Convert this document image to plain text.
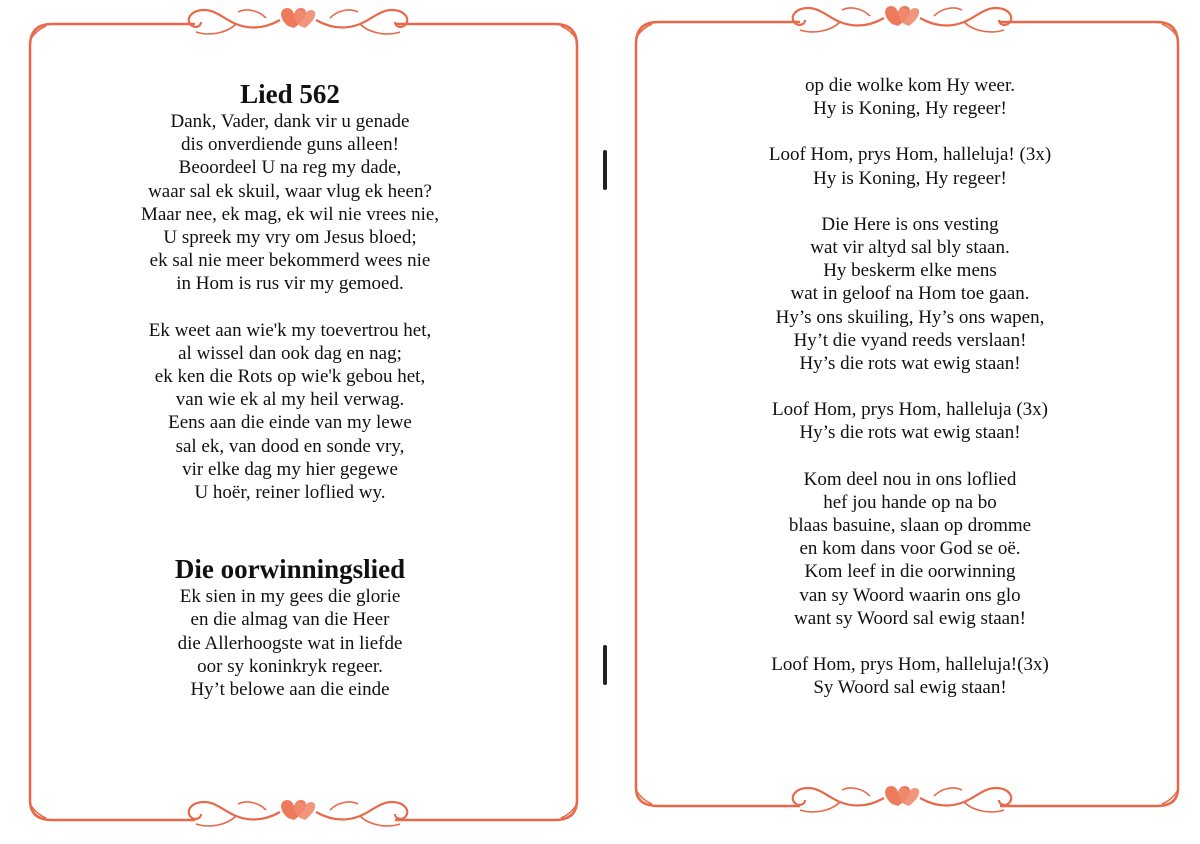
Lied 562
Dank, Vader, dank vir u genade
dis onverdiende guns alleen!
Beoordeel U na reg my dade,
waar sal ek skuil, waar vlug ek heen?
Maar nee, ek mag, ek wil nie vrees nie,
U spreek my vry om Jesus bloed;
ek sal nie meer bekommerd wees nie
in Hom is rus vir my gemoed.
Ek weet aan wie'k my toevertrou het,
al wissel dan ook dag en nag;
ek ken die Rots op wie'k gebou het,
van wie ek al my heil verwag.
Eens aan die einde van my lewe
sal ek, van dood en sonde vry,
vir elke dag my hier gegewe
U hoër, reiner loflied wy.
Die oorwinningslied
Ek sien in my gees die glorie
en die almag van die Heer
die Allerhoogste wat in liefde
oor sy koninkryk regeer.
Hy’t belowe aan die einde
op die wolke kom Hy weer.
Hy is Koning, Hy regeer!
Loof Hom, prys Hom, halleluja! (3x)
Hy is Koning, Hy regeer!
Die Here is ons vesting
wat vir altyd sal bly staan.
Hy beskerm elke mens
wat in geloof na Hom toe gaan.
Hy’s ons skuiling, Hy’s ons wapen,
Hy’t die vyand reeds verslaan!
Hy’s die rots wat ewig staan!
Loof Hom, prys Hom, halleluja (3x)
Hy’s die rots wat ewig staan!
Kom deel nou in ons loflied
hef jou hande op na bo
blaas basuine, slaan op dromme
en kom dans voor God se oë.
Kom leef in die oorwinning
van sy Woord waarin ons glo
want sy Woord sal ewig staan!
Loof Hom, prys Hom, halleluja!(3x)
Sy Woord sal ewig staan!
